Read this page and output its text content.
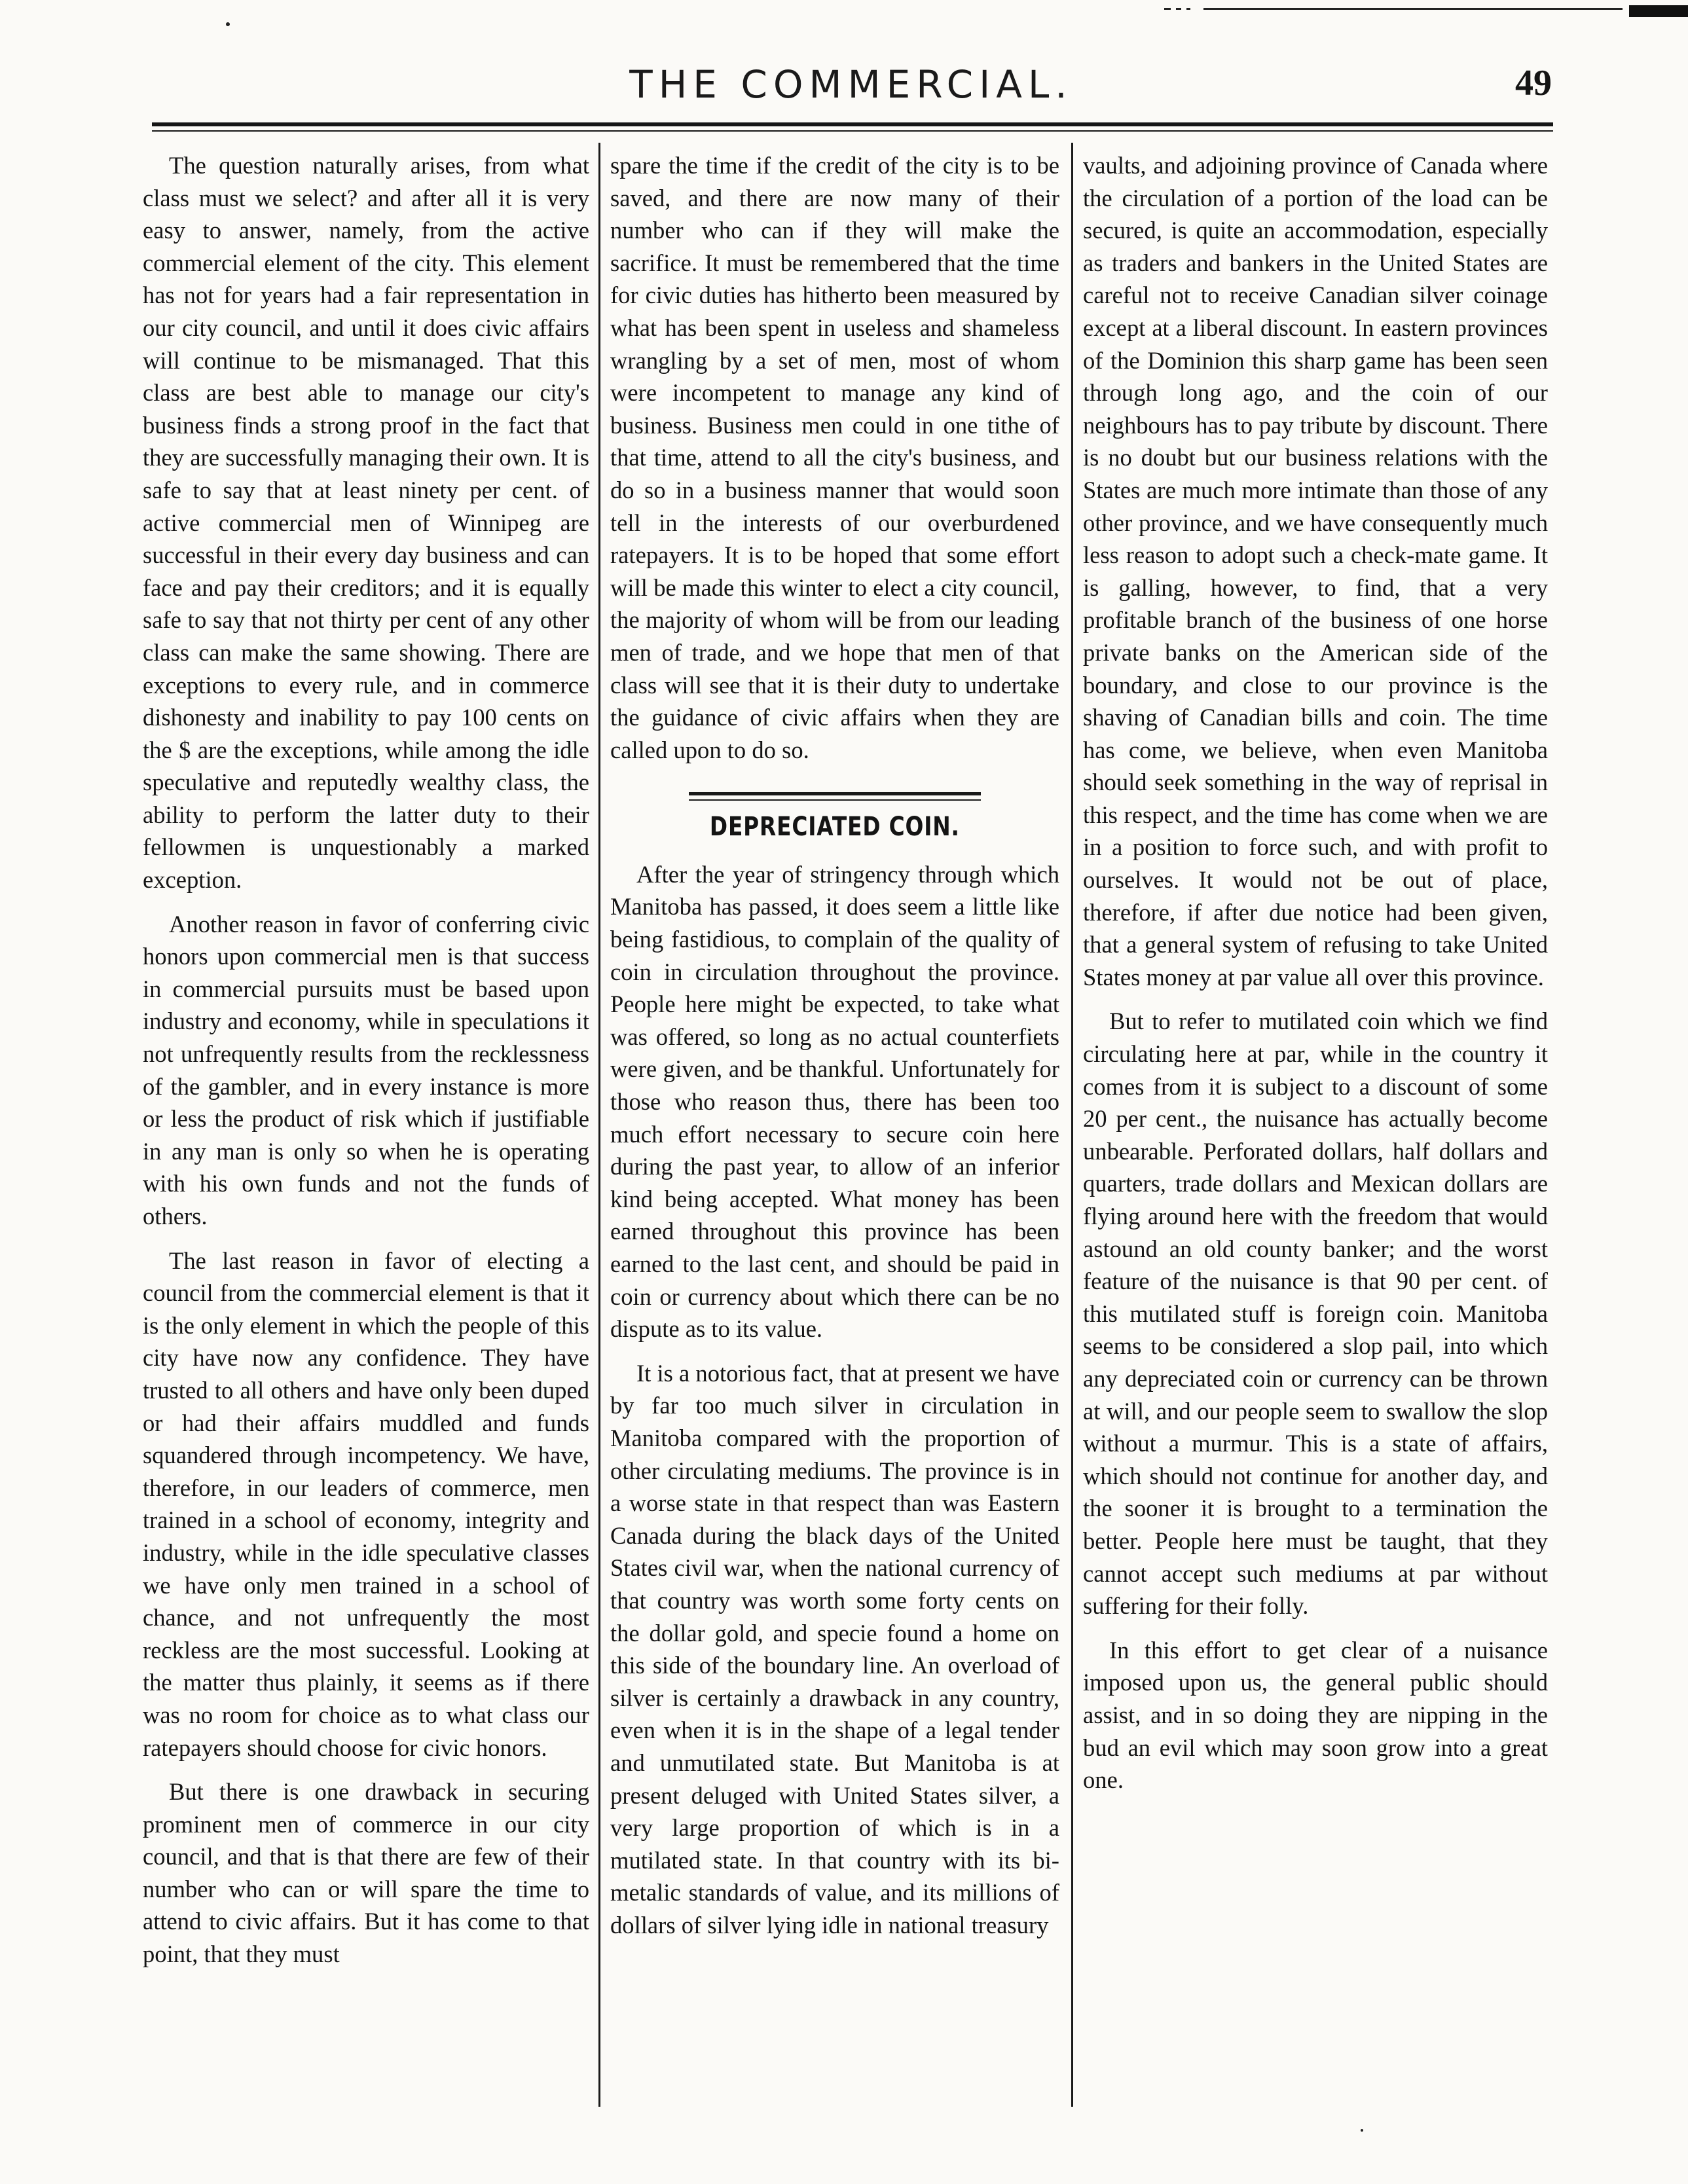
THE COMMERCIAL.	49

The question naturally arises, from what class must we select? and after all it is very easy to answer, namely, from the active commercial element of the city. This element has not for years had a fair representation in our city council, and until it does civic affairs will continue to be mismanaged. That this class are best able to manage our city's business finds a strong proof in the fact that they are successfully managing their own. It is safe to say that at least ninety per cent. of active commercial men of Winnipeg are successful in their every day business and can face and pay their creditors; and it is equally safe to say that not thirty per cent of any other class can make the same showing. There are exceptions to every rule, and in commerce dishonesty and inability to pay 100 cents on the $ are the exceptions, while among the idle speculative and reputedly wealthy class, the ability to perform the latter duty to their fellowmen is unquestionably a marked exception.

Another reason in favor of conferring civic honors upon commercial men is that success in commercial pursuits must be based upon industry and economy, while in speculations it not unfrequently results from the recklessness of the gambler, and in every instance is more or less the product of risk which if justifiable in any man is only so when he is operating with his own funds and not the funds of others.

The last reason in favor of electing a council from the commercial element is that it is the only element in which the people of this city have now any confidence. They have trusted to all others and have only been duped or had their affairs muddled and funds squandered through incompetency. We have, therefore, in our leaders of commerce, men trained in a school of economy, integrity and industry, while in the idle speculative classes we have only men trained in a school of chance, and not unfrequently the most reckless are the most successful. Looking at the matter thus plainly, it seems as if there was no room for choice as to what class our ratepayers should choose for civic honors.

But there is one drawback in securing prominent men of commerce in our city council, and that is that there are few of their number who can or will spare the time to attend to civic affairs. But it has come to that point, that they must

spare the time if the credit of the city is to be saved, and there are now many of their number who can if they will make the sacrifice. It must be remembered that the time for civic duties has hitherto been measured by what has been spent in useless and shameless wrangling by a set of men, most of whom were incompetent to manage any kind of business. Business men could in one tithe of that time, attend to all the city's business, and do so in a business manner that would soon tell in the interests of our overburdened ratepayers. It is to be hoped that some effort will be made this winter to elect a city council, the majority of whom will be from our leading men of trade, and we hope that men of that class will see that it is their duty to undertake the guidance of civic affairs when they are called upon to do so.

DEPRECIATED COIN.

After the year of stringency through which Manitoba has passed, it does seem a little like being fastidious, to complain of the quality of coin in circulation throughout the province. People here might be expected, to take what was offered, so long as no actual counterfiets were given, and be thankful. Unfortunately for those who reason thus, there has been too much effort necessary to secure coin here during the past year, to allow of an inferior kind being accepted. What money has been earned throughout this province has been earned to the last cent, and should be paid in coin or currency about which there can be no dispute as to its value.

It is a notorious fact, that at present we have by far too much silver in circulation in Manitoba compared with the proportion of other circulating mediums. The province is in a worse state in that respect than was Eastern Canada during the black days of the United States civil war, when the national currency of that country was worth some forty cents on the dollar gold, and specie found a home on this side of the boundary line. An overload of silver is certainly a drawback in any country, even when it is in the shape of a legal tender and unmutilated state. But Manitoba is at present deluged with United States silver, a very large proportion of which is in a mutilated state. In that country with its bi-metalic standards of value, and its millions of dollars of silver lying idle in national treasury

vaults, and adjoining province of Canada where the circulation of a portion of the load can be secured, is quite an accommodation, especially as traders and bankers in the United States are careful not to receive Canadian silver coinage except at a liberal discount. In eastern provinces of the Dominion this sharp game has been seen through long ago, and the coin of our neighbours has to pay tribute by discount. There is no doubt but our business relations with the States are much more intimate than those of any other province, and we have consequently much less reason to adopt such a check-mate game. It is galling, however, to find, that a very profitable branch of the business of one horse private banks on the American side of the boundary, and close to our province is the shaving of Canadian bills and coin. The time has come, we believe, when even Manitoba should seek something in the way of reprisal in this respect, and the time has come when we are in a position to force such, and with profit to ourselves. It would not be out of place, therefore, if after due notice had been given, that a general system of refusing to take United States money at par value all over this province.

But to refer to mutilated coin which we find circulating here at par, while in the country it comes from it is subject to a discount of some 20 per cent., the nuisance has actually become unbearable. Perforated dollars, half dollars and quarters, trade dollars and Mexican dollars are flying around here with the freedom that would astound an old county banker; and the worst feature of the nuisance is that 90 per cent. of this mutilated stuff is foreign coin. Manitoba seems to be considered a slop pail, into which any depreciated coin or currency can be thrown at will, and our people seem to swallow the slop without a murmur. This is a state of affairs, which should not continue for another day, and the sooner it is brought to a termination the better. People here must be taught, that they cannot accept such mediums at par without suffering for their folly.

In this effort to get clear of a nuisance imposed upon us, the general public should assist, and in so doing they are nipping in the bud an evil which may soon grow into a great one.
